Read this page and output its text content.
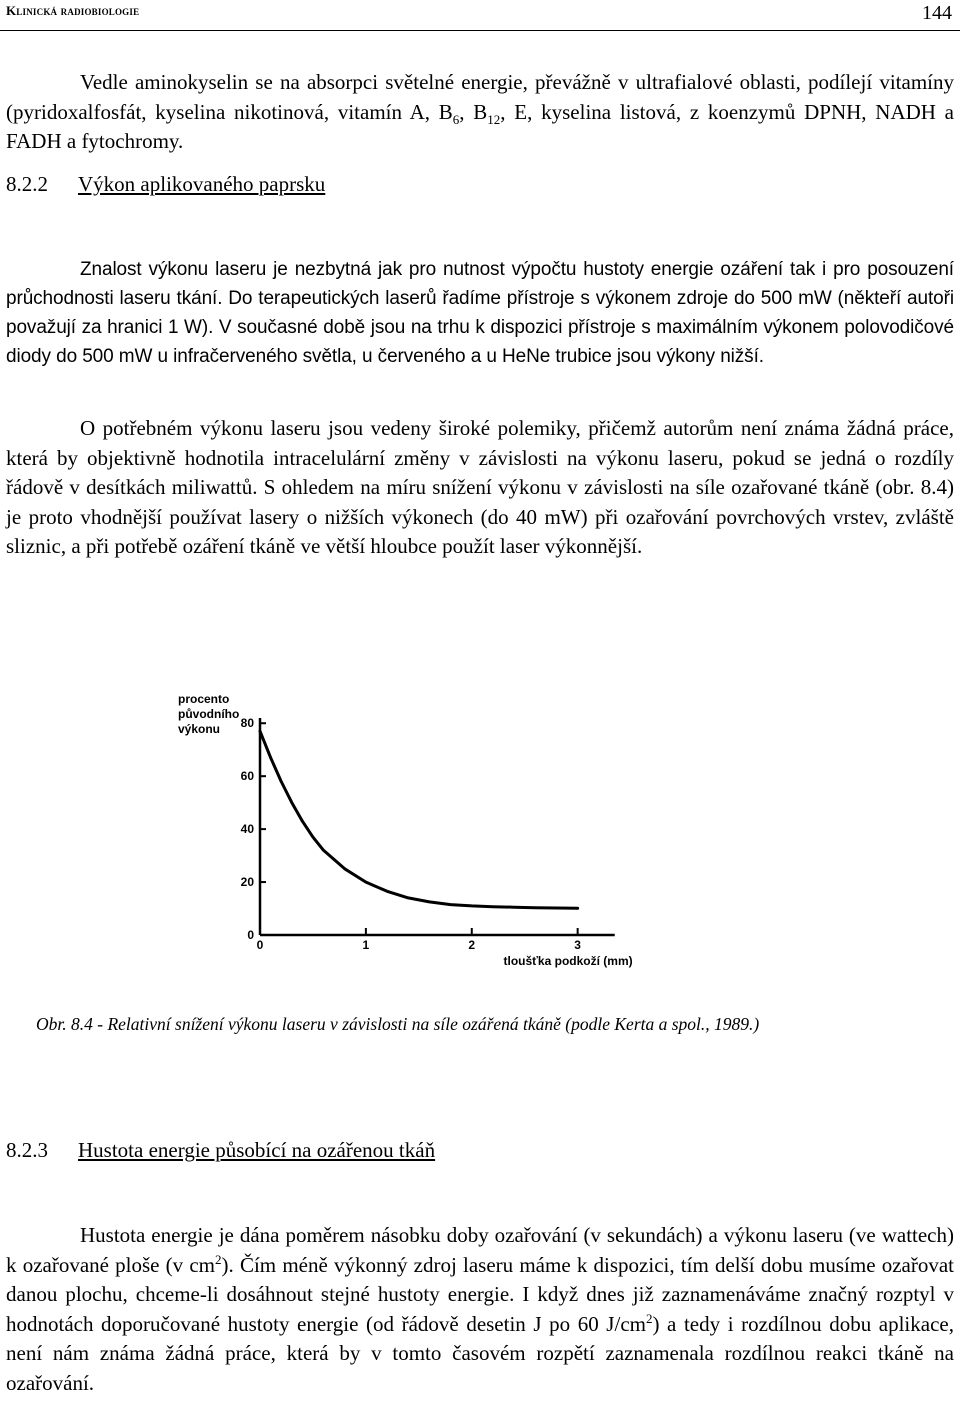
Klinická radiobiologie	144

Vedle aminokyselin se na absorpci světelné energie, převážně v ultrafialové oblasti, podílejí vitamíny (pyridoxalfosfát, kyselina nikotinová, vitamín A, $B_6$, $B_{12}$, E, kyselina listová, z koenzymů DPNH, NADH a FADH a fytochromy.

8.2.2 Výkon aplikovaného paprsku

Znalost výkonu laseru je nezbytná jak pro nutnost výpočtu hustoty energie ozáření tak i pro posouzení průchodnosti laseru tkání. Do terapeutických laserů řadíme přístroje s výkonem zdroje do 500 mW (někteří autoři považují za hranici 1 W). V současné době jsou na trhu k dispozici přístroje s maximálním výkonem polovodičové diody do 500 mW u infračerveného světla, u červeného a u HeNe trubice jsou výkony nižší.

O potřebném výkonu laseru jsou vedeny široké polemiky, přičemž autorům není známa žádná práce, která by objektivně hodnotila intracelulární změny v závislosti na výkonu laseru, pokud se jedná o rozdíly řádově v desítkách miliwattů. S ohledem na míru snížení výkonu v závislosti na síle ozařované tkáně (obr. 8.4) je proto vhodnější používat lasery o nižších výkonech (do 40 mW) při ozařování povrchových vrstev, zvláště sliznic, a při potřebě ozáření tkáně ve větší hloubce použít laser výkonnější.

0
20
40
60
80
0	1	2	3
procento
původního
výkonu
tloušťka podkoží (mm)
Obr. 8.4 - Relativní snížení výkonu laseru v závislosti na síle ozářená tkáně (podle Kerta a spol., 1989.)
8.2.3 Hustota energie působící na ozářenou tkáň

Hustota energie je dána poměrem násobku doby ozařování (v sekundách) a výkonu laseru (ve wattech) k ozařované ploše (v $cm^2$). Čím méně výkonný zdroj laseru máme k dispozici, tím delší dobu musíme ozařovat danou plochu, chceme-li dosáhnout stejné hustoty energie. I když dnes již zaznamenáváme značný rozptyl v hodnotách doporučované hustoty energie (od řádově desetin J po 60 $J/cm^2$) a tedy i rozdílnou dobu aplikace, není nám známa žádná práce, která by v tomto časovém rozpětí zaznamenala rozdílnou reakci tkáně na ozařování.
